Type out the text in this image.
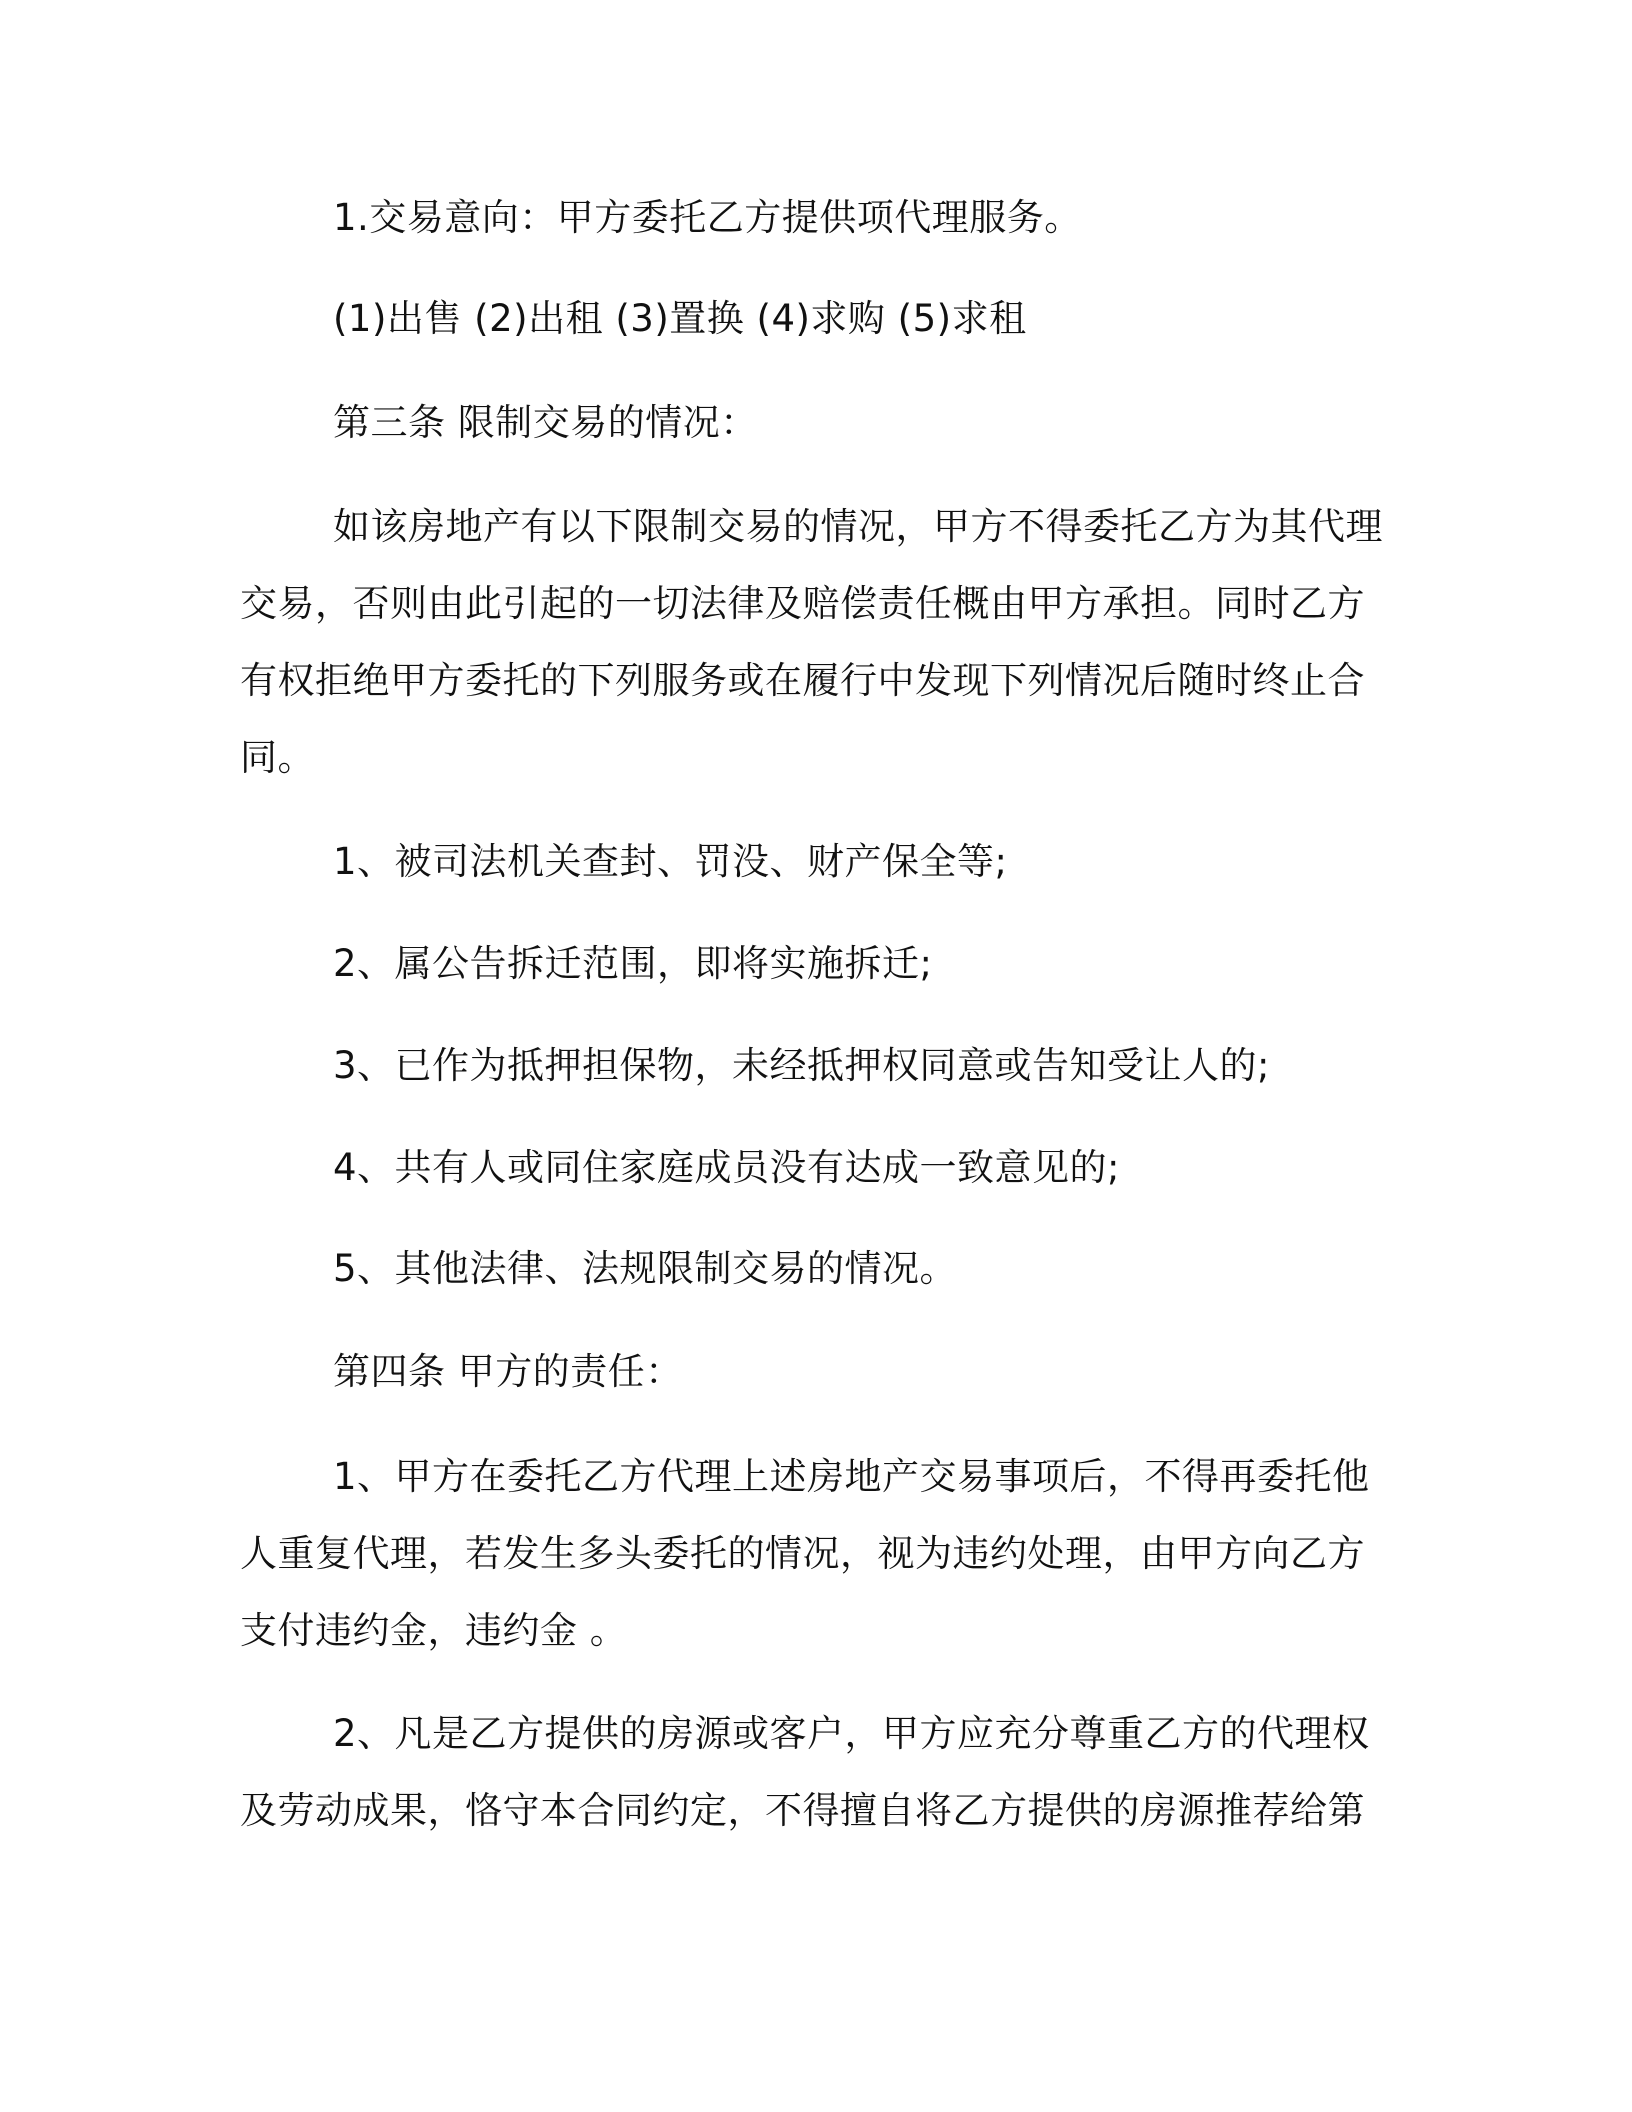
1.交易意向：甲方委托乙方提供项代理服务。
(1)出售 (2)出租 (3)置换 (4)求购 (5)求租
第三条 限制交易的情况：
如该房地产有以下限制交易的情况，甲方不得委托乙方为其代理
交易，否则由此引起的一切法律及赔偿责任概由甲方承担。同时乙方
有权拒绝甲方委托的下列服务或在履行中发现下列情况后随时终止合
同。
1、被司法机关查封、罚没、财产保全等;
2、属公告拆迁范围，即将实施拆迁;
3、已作为抵押担保物，未经抵押权同意或告知受让人的;
4、共有人或同住家庭成员没有达成一致意见的;
5、其他法律、法规限制交易的情况。
第四条 甲方的责任：
1、甲方在委托乙方代理上述房地产交易事项后，不得再委托他
人重复代理，若发生多头委托的情况，视为违约处理，由甲方向乙方
支付违约金，违约金 。
2、凡是乙方提供的房源或客户，甲方应充分尊重乙方的代理权
及劳动成果，恪守本合同约定，不得擅自将乙方提供的房源推荐给第
